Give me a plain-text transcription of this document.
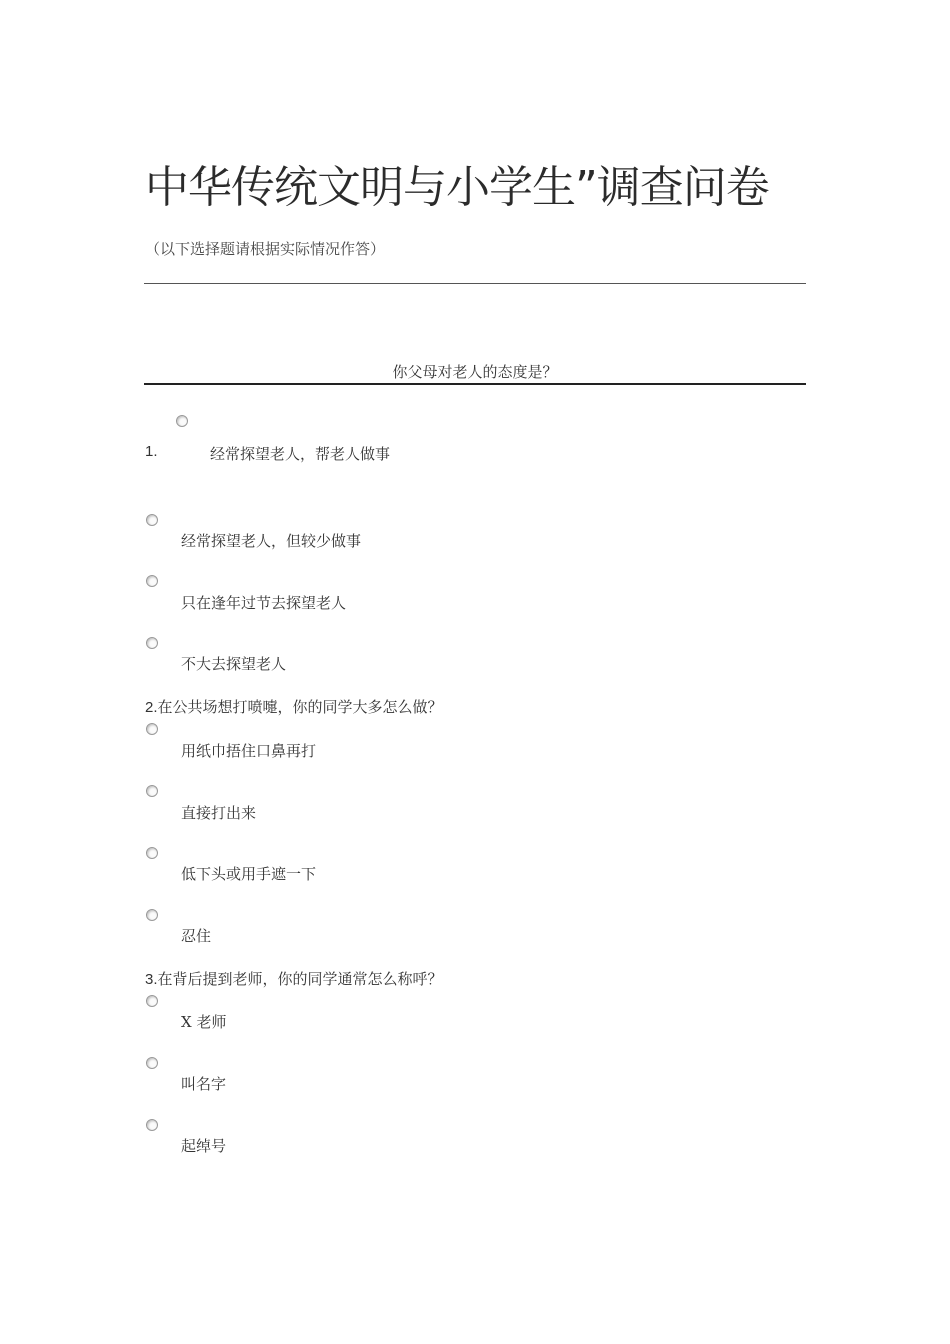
中华传统文明与小学生”调查问卷
（以下选择题请根据实际情况作答）
你父母对老人的态度是？
1.	经常探望老人，帮老人做事
经常探望老人，但较少做事
只在逢年过节去探望老人
不大去探望老人
2.在公共场想打喷嚏，你的同学大多怎么做？
用纸巾捂住口鼻再打
直接打出来
低下头或用手遮一下
忍住
3.在背后提到老师，你的同学通常怎么称呼？
X 老师
叫名字
起绰号
